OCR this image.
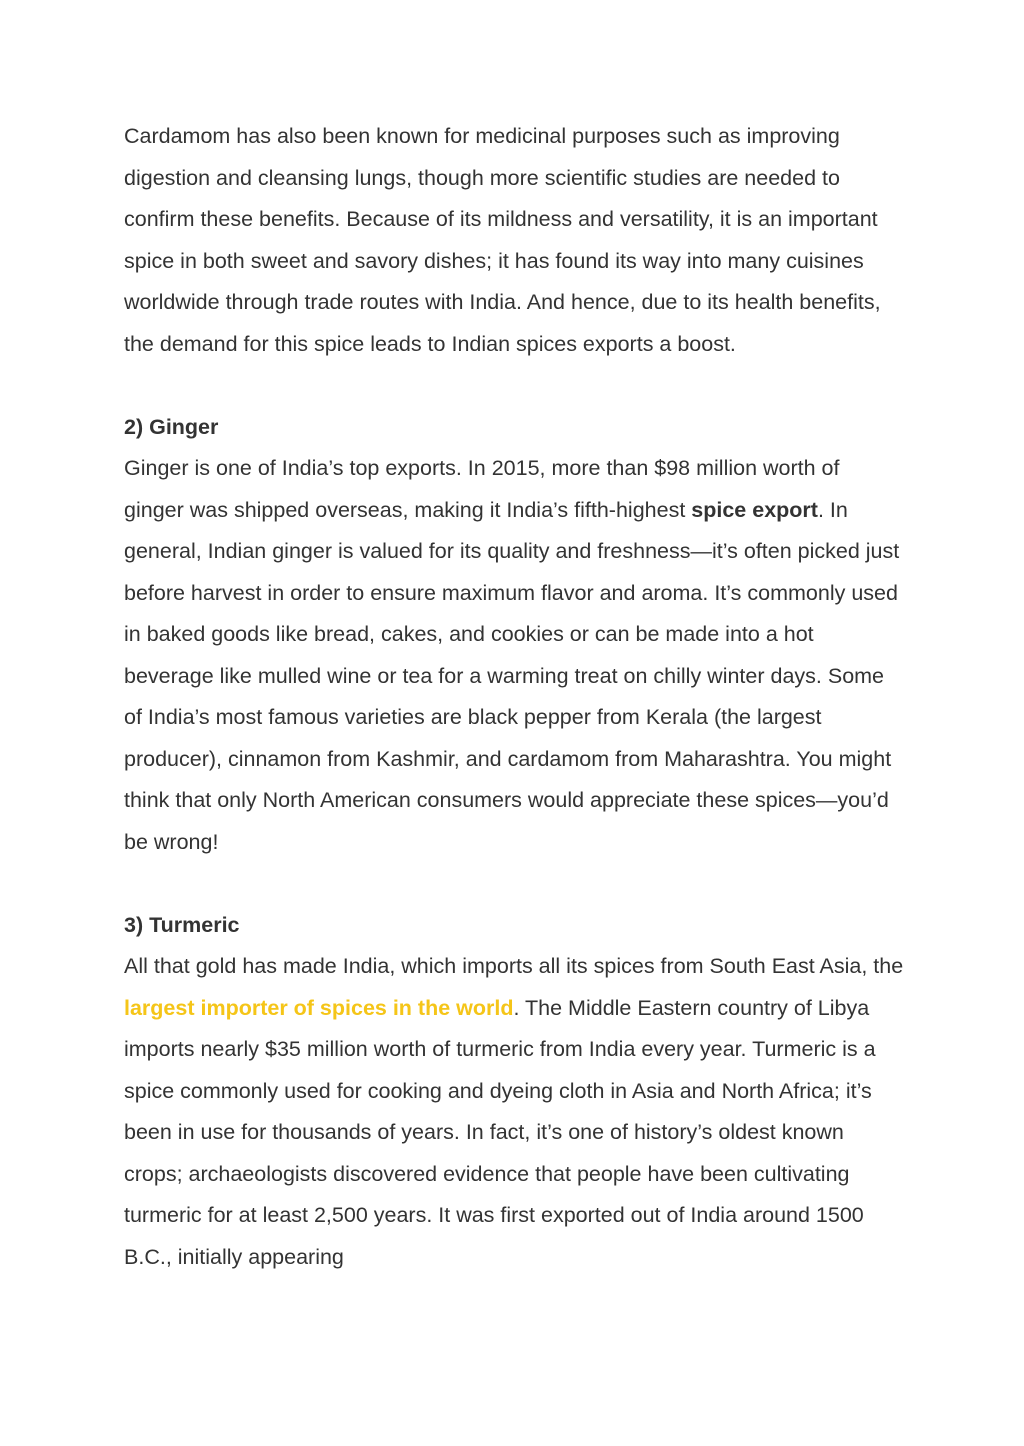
Cardamom has also been known for medicinal purposes such as improving digestion and cleansing lungs, though more scientific studies are needed to confirm these benefits. Because of its mildness and versatility, it is an important spice in both sweet and savory dishes; it has found its way into many cuisines worldwide through trade routes with India. And hence, due to its health benefits, the demand for this spice leads to Indian spices exports a boost.

2) Ginger

Ginger is one of India’s top exports. In 2015, more than $98 million worth of ginger was shipped overseas, making it India’s fifth-highest spice export. In general, Indian ginger is valued for its quality and freshness—it’s often picked just before harvest in order to ensure maximum flavor and aroma. It’s commonly used in baked goods like bread, cakes, and cookies or can be made into a hot beverage like mulled wine or tea for a warming treat on chilly winter days. Some of India’s most famous varieties are black pepper from Kerala (the largest producer), cinnamon from Kashmir, and cardamom from Maharashtra. You might think that only North American consumers would appreciate these spices—you’d be wrong!

3) Turmeric

All that gold has made India, which imports all its spices from South East Asia, the largest importer of spices in the world. The Middle Eastern country of Libya imports nearly $35 million worth of turmeric from India every year. Turmeric is a spice commonly used for cooking and dyeing cloth in Asia and North Africa; it’s been in use for thousands of years. In fact, it’s one of history’s oldest known crops; archaeologists discovered evidence that people have been cultivating turmeric for at least 2,500 years. It was first exported out of India around 1500 B.C., initially appearing
